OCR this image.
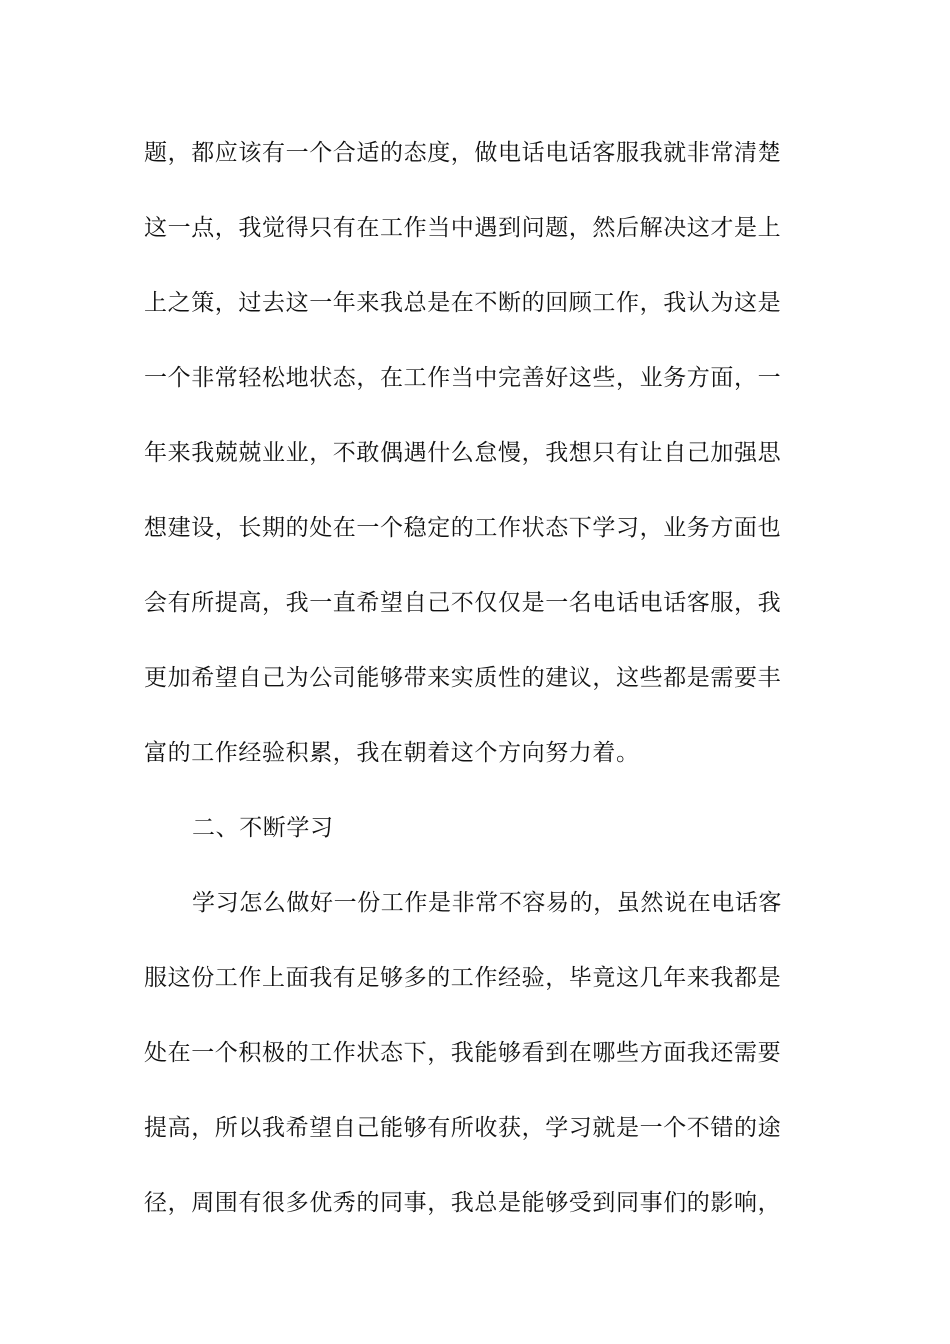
题，都应该有一个合适的态度，做电话电话客服我就非常清楚
这一点，我觉得只有在工作当中遇到问题，然后解决这才是上
上之策，过去这一年来我总是在不断的回顾工作，我认为这是
一个非常轻松地状态，在工作当中完善好这些，业务方面，一
年来我兢兢业业，不敢偶遇什么怠慢，我想只有让自己加强思
想建设，长期的处在一个稳定的工作状态下学习，业务方面也
会有所提高，我一直希望自己不仅仅是一名电话电话客服，我
更加希望自己为公司能够带来实质性的建议，这些都是需要丰
富的工作经验积累，我在朝着这个方向努力着。
二、不断学习
学习怎么做好一份工作是非常不容易的，虽然说在电话客
服这份工作上面我有足够多的工作经验，毕竟这几年来我都是
处在一个积极的工作状态下，我能够看到在哪些方面我还需要
提高，所以我希望自己能够有所收获，学习就是一个不错的途
径，周围有很多优秀的同事，我总是能够受到同事们的影响，
